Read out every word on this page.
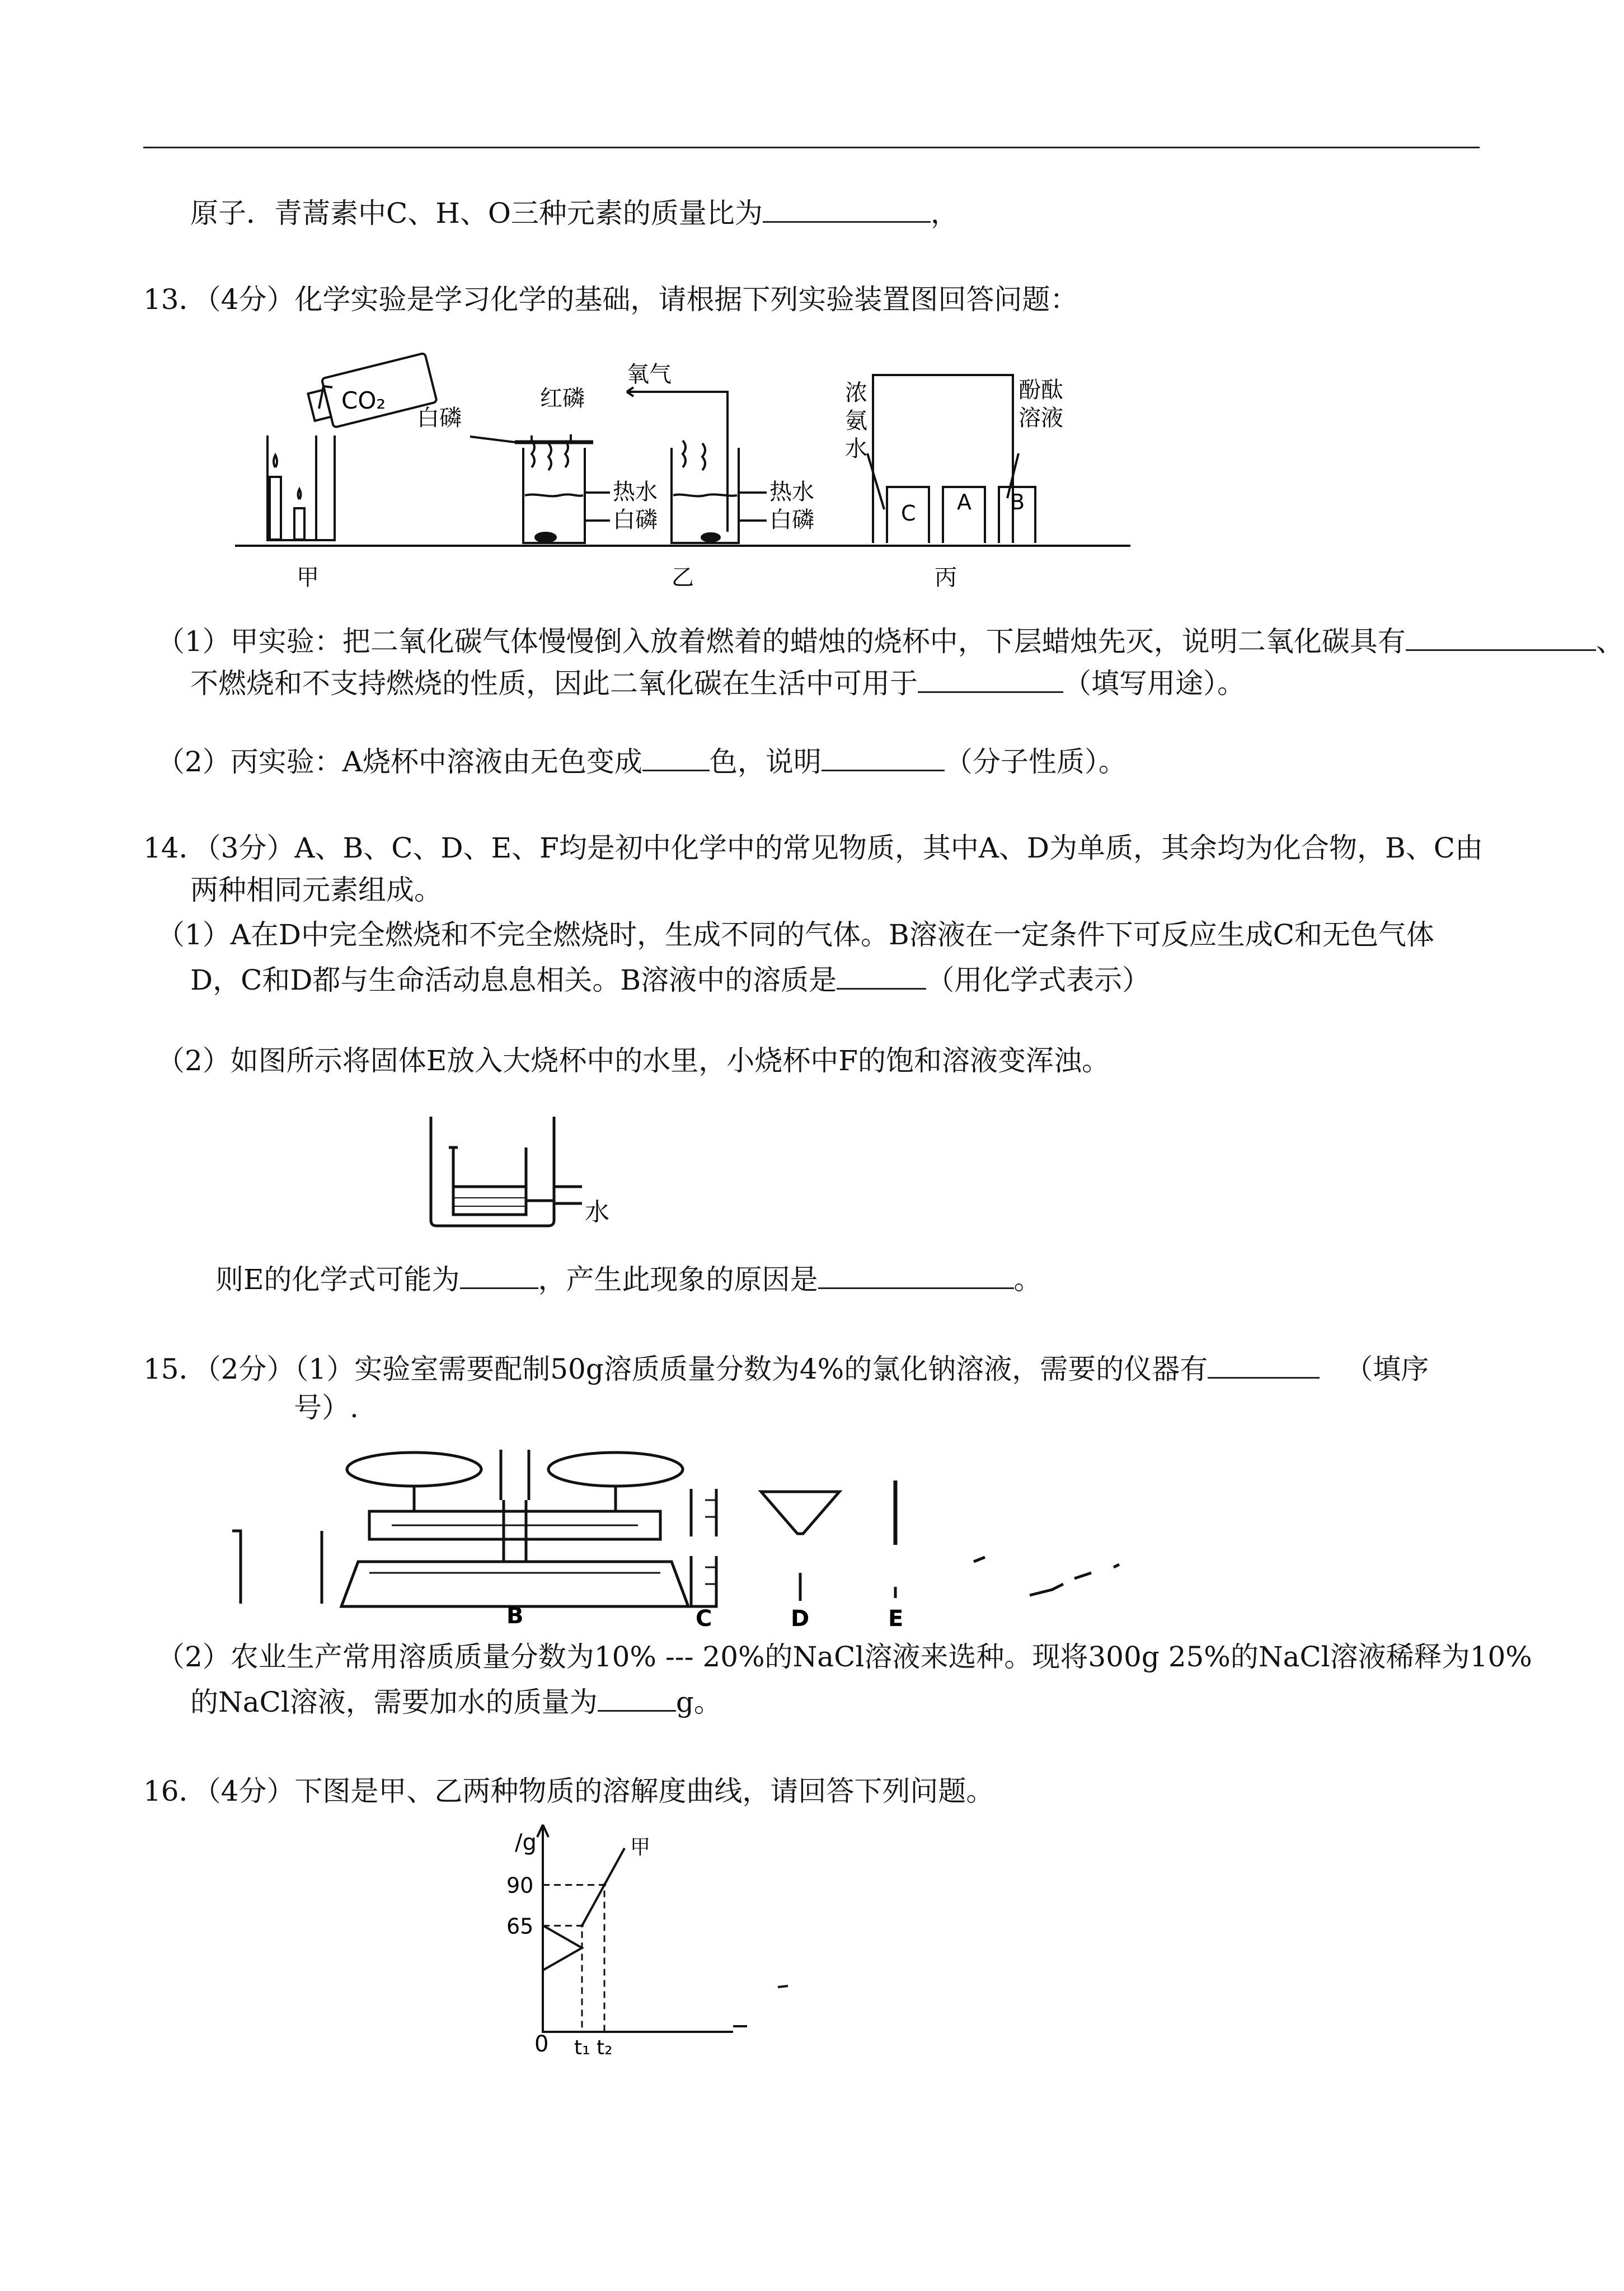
原子．青蒿素中C、H、O三种元素的质量比为	，
13．（4分）化学实验是学习化学的基础，请根据下列实验装置图回答问题：
CO₂
白磷
红磷
氧气
热水
白磷
热水
白磷
浓
氨
水
酚酞
溶液
C A B
甲	乙	丙
（1）甲实验：把二氧化碳气体慢慢倒入放着燃着的蜡烛的烧杯中，下层蜡烛先灭，说明二氧化碳具有	、
不燃烧和不支持燃烧的性质，因此二氧化碳在生活中可用于	（填写用途）。
（2）丙实验：A烧杯中溶液由无色变成 色，说明	（分子性质）。
14．（3分）A、B、C、D、E、F均是初中化学中的常见物质，其中A、D为单质，其余均为化合物，B、C由
两种相同元素组成。
（1）A在D中完全燃烧和不完全燃烧时，生成不同的气体。B溶液在一定条件下可反应生成C和无色气体
D，C和D都与生命活动息息相关。B溶液中的溶质是	（用化学式表示）
（2）如图所示将固体E放入大烧杯中的水里，小烧杯中F的饱和溶液变浑浊。
水
则E的化学式可能为	，产生此现象的原因是	。
15．（2分）（1）实验室需要配制50g溶质质量分数为4%的氯化钠溶液，需要的仪器有	（填序
号）.
B	C	D	E
（2）农业生产常用溶质质量分数为10% --- 20%的NaCl溶液来选种。现将300g 25%的NaCl溶液稀释为10%
的NaCl溶液，需要加水的质量为	g。
16．（4分）下图是甲、乙两种物质的溶解度曲线，请回答下列问题。
65
90
甲
t₁ t₂
/g
0
